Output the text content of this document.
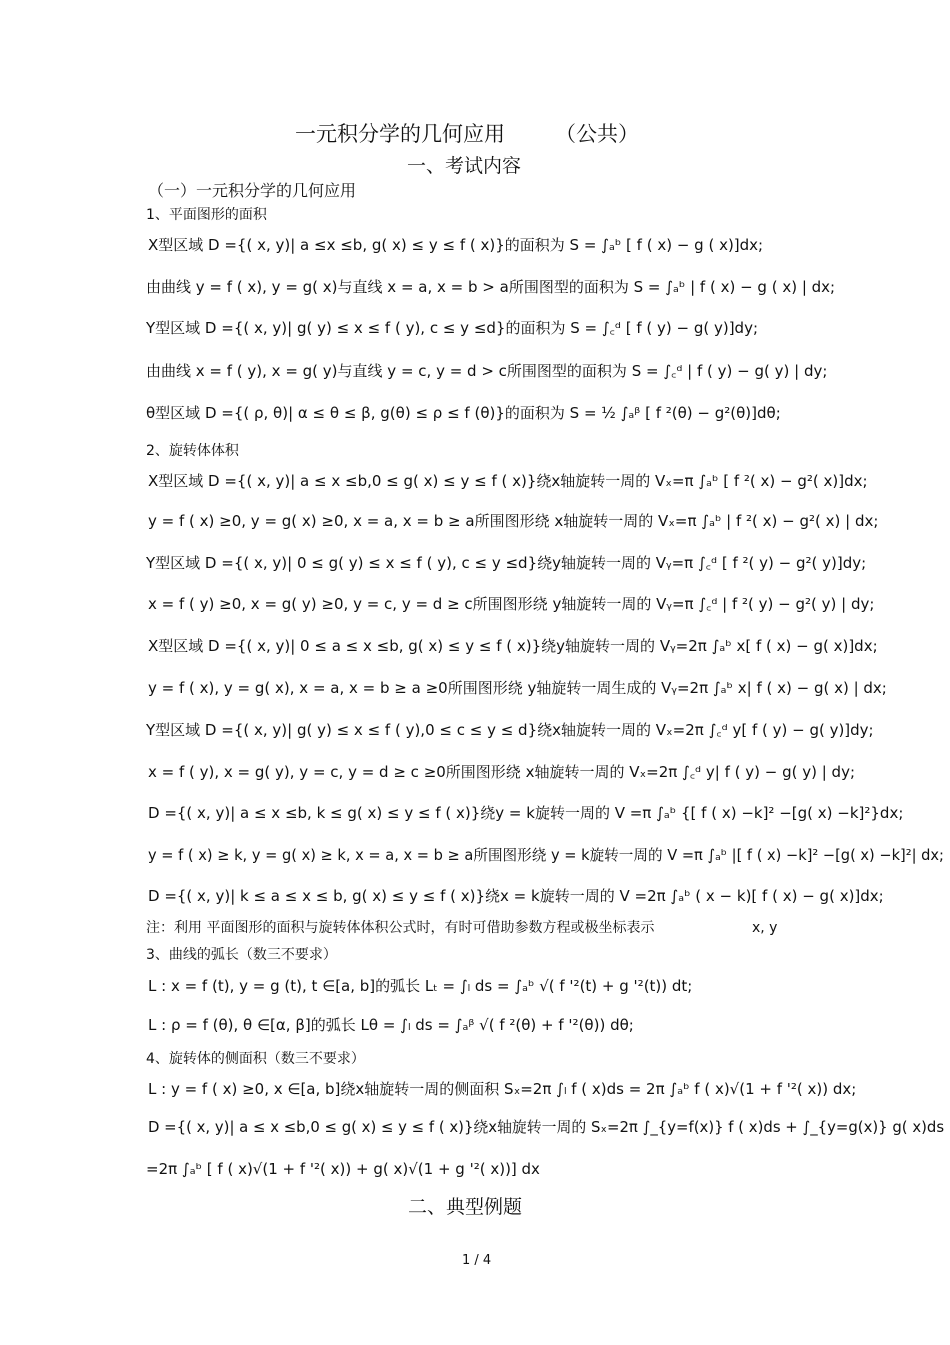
一元积分学的几何应用 （公共）
一、考试内容
（一）一元积分学的几何应用
1、平面图形的面积
X型区域 D ={( x, y)| a ≤x ≤b, g( x) ≤ y ≤ f ( x)}的面积为 S = ∫ₐᵇ [ f ( x) − g ( x)]dx;
由曲线 y = f ( x), y = g( x)与直线 x = a, x = b > a所围图型的面积为 S = ∫ₐᵇ | f ( x) − g ( x) | dx;
Y型区域 D ={( x, y)| g( y) ≤ x ≤ f ( y), c ≤ y ≤d}的面积为 S = ∫꜀ᵈ [ f ( y) − g( y)]dy;
由曲线 x = f ( y), x = g( y)与直线 y = c, y = d > c所围图型的面积为 S = ∫꜀ᵈ | f ( y) − g( y) | dy;
θ型区域 D ={( ρ, θ)| α ≤ θ ≤ β, g(θ) ≤ ρ ≤ f (θ)}的面积为 S = ½ ∫ₐᵝ [ f ²(θ) − g²(θ)]dθ;
2、旋转体体积
X型区域 D ={( x, y)| a ≤ x ≤b,0 ≤ g( x) ≤ y ≤ f ( x)}绕x轴旋转一周的 Vₓ=π ∫ₐᵇ [ f ²( x) − g²( x)]dx;
y = f ( x) ≥0, y = g( x) ≥0, x = a, x = b ≥ a所围图形绕 x轴旋转一周的 Vₓ=π ∫ₐᵇ | f ²( x) − g²( x) | dx;
Y型区域 D ={( x, y)| 0 ≤ g( y) ≤ x ≤ f ( y), c ≤ y ≤d}绕y轴旋转一周的 Vᵧ=π ∫꜀ᵈ [ f ²( y) − g²( y)]dy;
x = f ( y) ≥0, x = g( y) ≥0, y = c, y = d ≥ c所围图形绕 y轴旋转一周的 Vᵧ=π ∫꜀ᵈ | f ²( y) − g²( y) | dy;
X型区域 D ={( x, y)| 0 ≤ a ≤ x ≤b, g( x) ≤ y ≤ f ( x)}绕y轴旋转一周的 Vᵧ=2π ∫ₐᵇ x[ f ( x) − g( x)]dx;
y = f ( x), y = g( x), x = a, x = b ≥ a ≥0所围图形绕 y轴旋转一周生成的 Vᵧ=2π ∫ₐᵇ x| f ( x) − g( x) | dx;
Y型区域 D ={( x, y)| g( y) ≤ x ≤ f ( y),0 ≤ c ≤ y ≤ d}绕x轴旋转一周的 Vₓ=2π ∫꜀ᵈ y[ f ( y) − g( y)]dy;
x = f ( y), x = g( y), y = c, y = d ≥ c ≥0所围图形绕 x轴旋转一周的 Vₓ=2π ∫꜀ᵈ y| f ( y) − g( y) | dy;
D ={( x, y)| a ≤ x ≤b, k ≤ g( x) ≤ y ≤ f ( x)}绕y = k旋转一周的 V =π ∫ₐᵇ {[ f ( x) −k]² −[g( x) −k]²}dx;
y = f ( x) ≥ k, y = g( x) ≥ k, x = a, x = b ≥ a所围图形绕 y = k旋转一周的 V =π ∫ₐᵇ |[ f ( x) −k]² −[g( x) −k]²| dx;
D ={( x, y)| k ≤ a ≤ x ≤ b, g( x) ≤ y ≤ f ( x)}绕x = k旋转一周的 V =2π ∫ₐᵇ ( x − k)[ f ( x) − g( x)]dx;
注：利用 平面图形的面积与旋转体体积公式时，有时可借助参数方程或极坐标表示	x, y
3、曲线的弧长（数三不要求）
L : x = f (t), y = g (t), t ∈[a, b]的弧长 Lₜ = ∫ₗ ds = ∫ₐᵇ √( f '²(t) + g '²(t)) dt;
L : ρ = f (θ), θ ∈[α, β]的弧长 Lθ = ∫ₗ ds = ∫ₐᵝ √( f ²(θ) + f '²(θ)) dθ;
4、旋转体的侧面积（数三不要求）
L : y = f ( x) ≥0, x ∈[a, b]绕x轴旋转一周的侧面积 Sₓ=2π ∫ₗ f ( x)ds = 2π ∫ₐᵇ f ( x)√(1 + f '²( x)) dx;
D ={( x, y)| a ≤ x ≤b,0 ≤ g( x) ≤ y ≤ f ( x)}绕x轴旋转一周的 Sₓ=2π ∫_{y=f(x)} f ( x)ds + ∫_{y=g(x)} g( x)ds
=2π ∫ₐᵇ [ f ( x)√(1 + f '²( x)) + g( x)√(1 + g '²( x))] dx
二、典型例题
1 / 4
